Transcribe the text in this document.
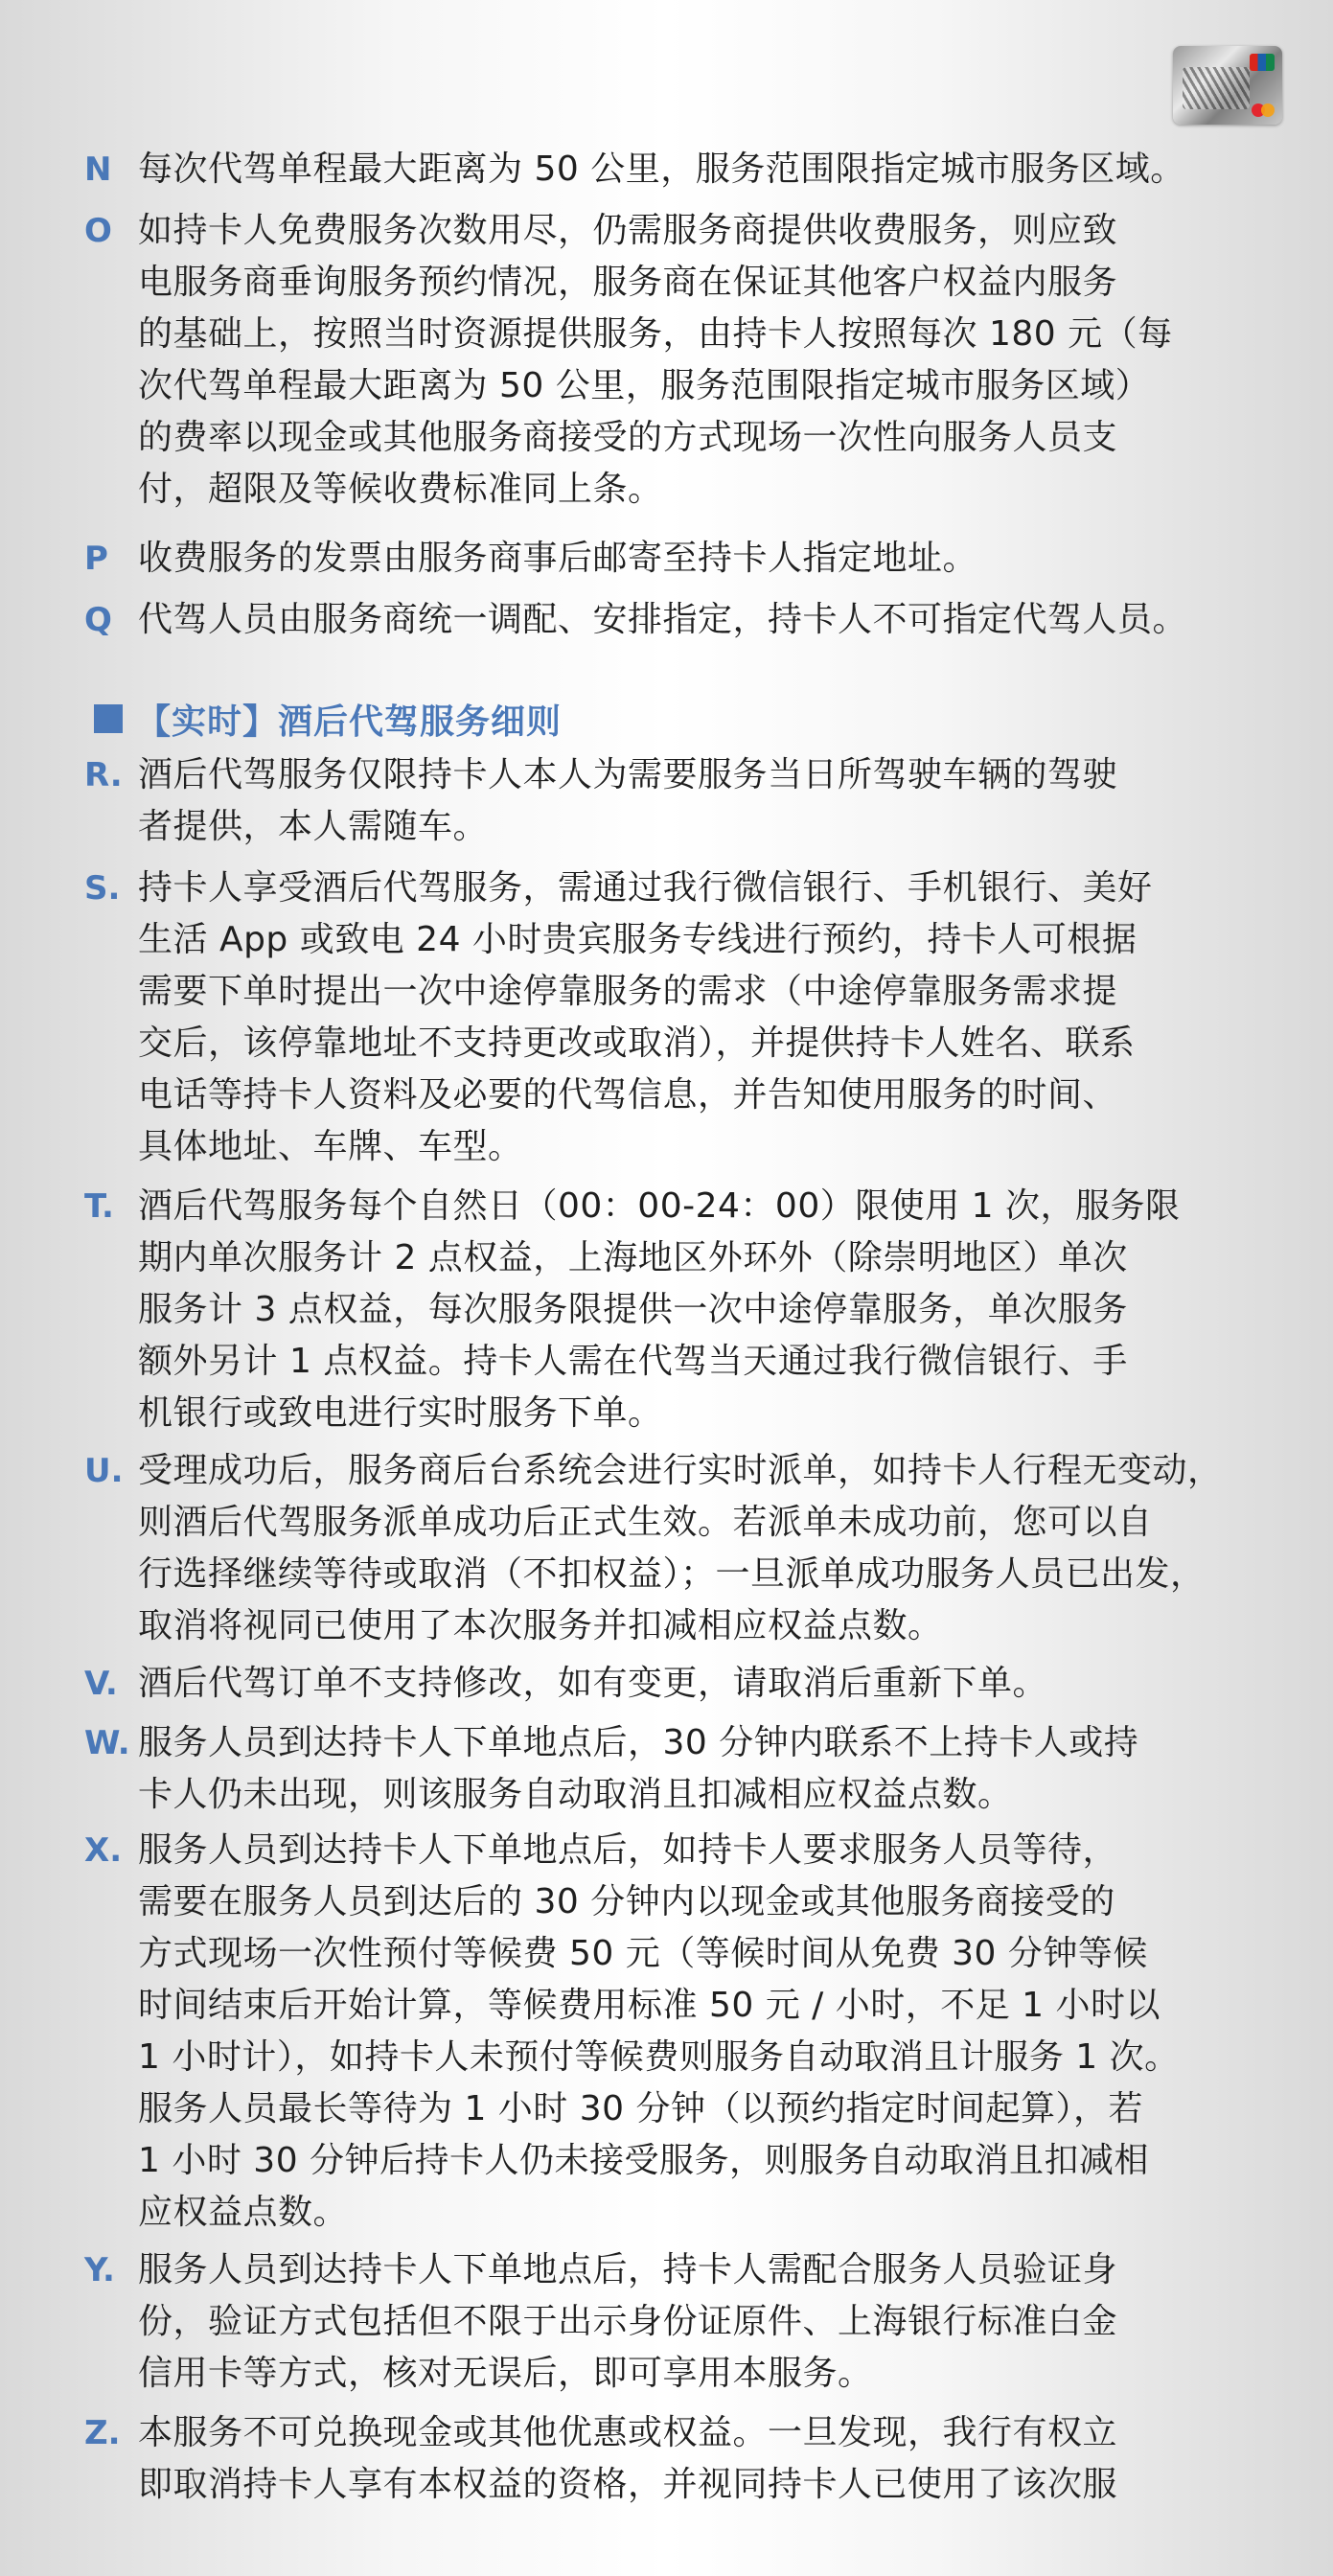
N 每次代驾单程最大距离为 50 公里，服务范围限指定城市服务区域。
O 如持卡人免费服务次数用尽，仍需服务商提供收费服务，则应致
电服务商垂询服务预约情况，服务商在保证其他客户权益内服务
的基础上，按照当时资源提供服务，由持卡人按照每次 180 元（每
次代驾单程最大距离为 50 公里，服务范围限指定城市服务区域）
的费率以现金或其他服务商接受的方式现场一次性向服务人员支
付，超限及等候收费标准同上条。
P 收费服务的发票由服务商事后邮寄至持卡人指定地址。
Q 代驾人员由服务商统一调配、安排指定，持卡人不可指定代驾人员。
【实时】酒后代驾服务细则
R. 酒后代驾服务仅限持卡人本人为需要服务当日所驾驶车辆的驾驶
者提供，本人需随车。
S. 持卡人享受酒后代驾服务，需通过我行微信银行、手机银行、美好
生活 App 或致电 24 小时贵宾服务专线进行预约，持卡人可根据
需要下单时提出一次中途停靠服务的需求（中途停靠服务需求提
交后，该停靠地址不支持更改或取消），并提供持卡人姓名、联系
电话等持卡人资料及必要的代驾信息，并告知使用服务的时间、
具体地址、车牌、车型。
T. 酒后代驾服务每个自然日（00：00-24：00）限使用 1 次，服务限
期内单次服务计 2 点权益，上海地区外环外（除崇明地区）单次
服务计 3 点权益，每次服务限提供一次中途停靠服务，单次服务
额外另计 1 点权益。持卡人需在代驾当天通过我行微信银行、手
机银行或致电进行实时服务下单。
U. 受理成功后，服务商后台系统会进行实时派单，如持卡人行程无变动，
则酒后代驾服务派单成功后正式生效。若派单未成功前，您可以自
行选择继续等待或取消（不扣权益）；一旦派单成功服务人员已出发，
取消将视同已使用了本次服务并扣减相应权益点数。
V. 酒后代驾订单不支持修改，如有变更，请取消后重新下单。
W. 服务人员到达持卡人下单地点后，30 分钟内联系不上持卡人或持
卡人仍未出现，则该服务自动取消且扣减相应权益点数。
X. 服务人员到达持卡人下单地点后，如持卡人要求服务人员等待，
需要在服务人员到达后的 30 分钟内以现金或其他服务商接受的
方式现场一次性预付等候费 50 元（等候时间从免费 30 分钟等候
时间结束后开始计算，等候费用标准 50 元 / 小时，不足 1 小时以
1 小时计），如持卡人未预付等候费则服务自动取消且计服务 1 次。
服务人员最长等待为 1 小时 30 分钟（以预约指定时间起算），若
1 小时 30 分钟后持卡人仍未接受服务，则服务自动取消且扣减相
应权益点数。
Y. 服务人员到达持卡人下单地点后，持卡人需配合服务人员验证身
份，验证方式包括但不限于出示身份证原件、上海银行标准白金
信用卡等方式，核对无误后，即可享用本服务。
Z. 本服务不可兑换现金或其他优惠或权益。一旦发现，我行有权立
即取消持卡人享有本权益的资格，并视同持卡人已使用了该次服
